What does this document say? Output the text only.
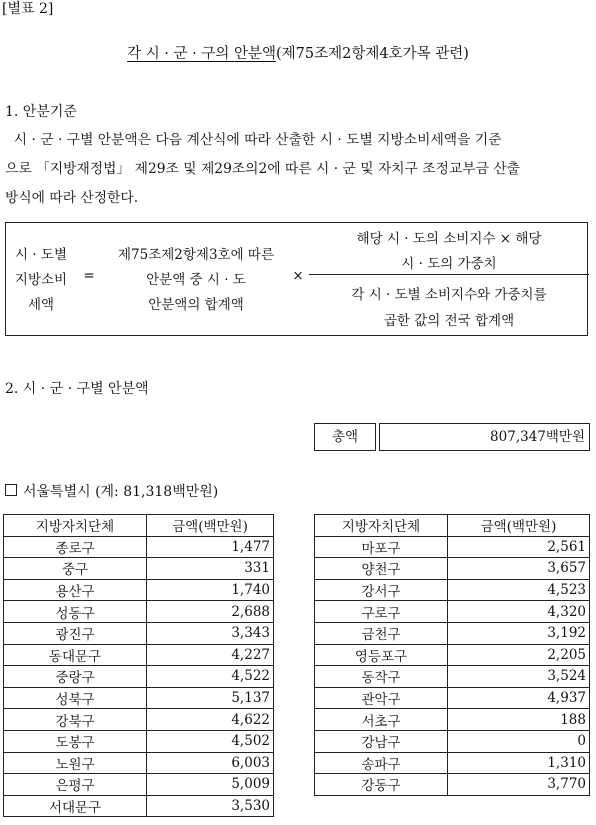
[별표 2]
각 시 · 군 · 구의 안분액(제75조제2항제4호가목 관련)
1. 안분기준
시 · 군 · 구별 안분액은 다음 계산식에 따라 산출한 시 · 도별 지방소비세액을 기준
으로 「지방재정법」 제29조 및 제29조의2에 따른 시 · 군 및 자치구 조정교부금 산출
방식에 따라 산정한다.
시 · 도별
지방소비
세액
=
제75조제2항제3호에 따른
안분액 중 시 · 도
안분액의 합계액
×
해당 시 · 도의 소비지수 × 해당
시 · 도의 가중치
각 시 · 도별 소비지수와 가중치를
곱한 값의 전국 합계액
2. 시 · 군 · 구별 안분액
총액	807,347백만원
서울특별시 (계: 81,318백만원)
지방자치단체	금액(백만원)
종로구	1,477
중구	331
용산구	1,740
성동구	2,688
광진구	3,343
동대문구	4,227
중랑구	4,522
성북구	5,137
강북구	4,622
도봉구	4,502
노원구	6,003
은평구	5,009
서대문구	3,530
지방자치단체	금액(백만원)
마포구	2,561
양천구	3,657
강서구	4,523
구로구	4,320
금천구	3,192
영등포구	2,205
동작구	3,524
관악구	4,937
서초구	188
강남구	0
송파구	1,310
강동구	3,770
